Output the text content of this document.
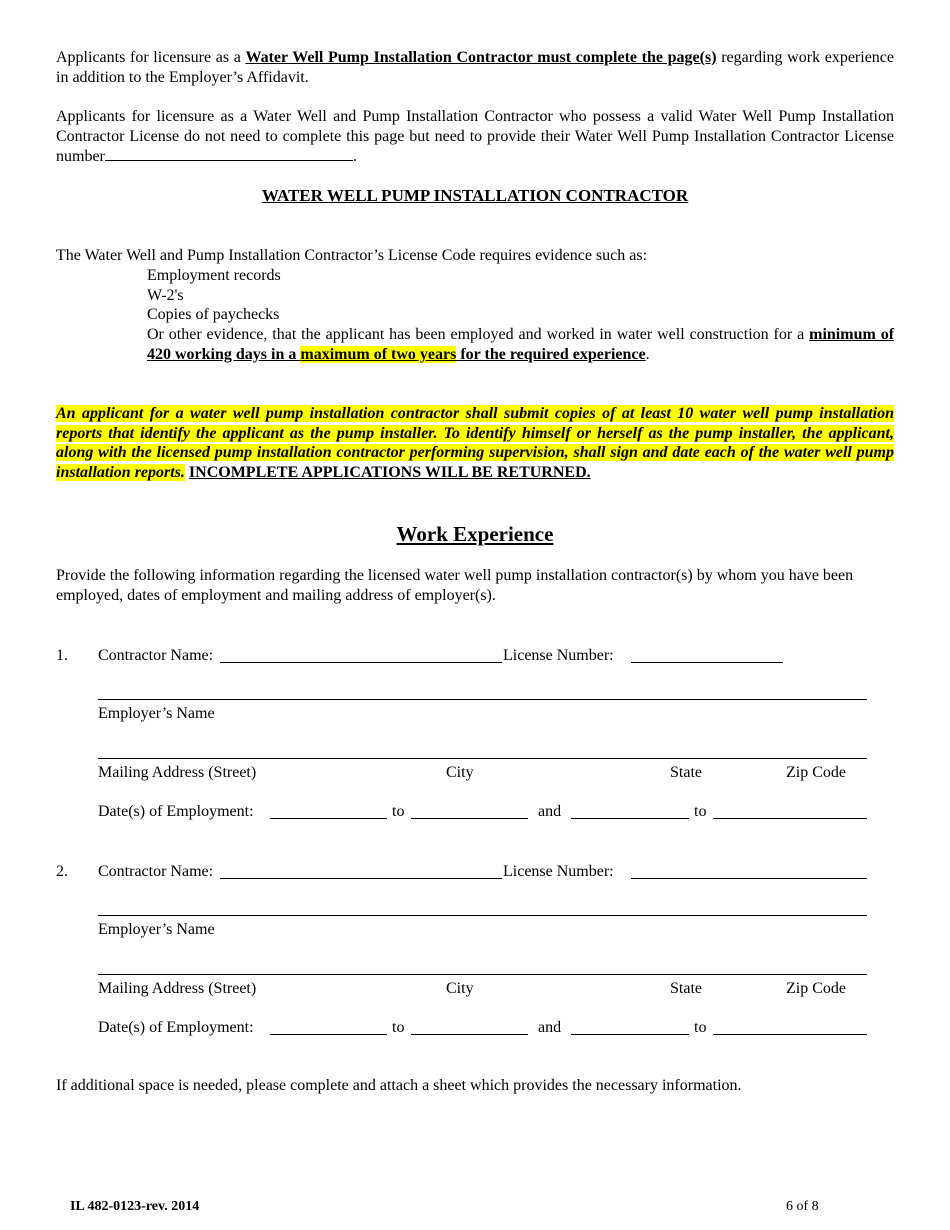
Applicants for licensure as a Water Well Pump Installation Contractor must complete the page(s) regarding work experience in addition to the Employer’s Affidavit.

Applicants for licensure as a Water Well and Pump Installation Contractor who possess a valid Water Well Pump Installation Contractor License do not need to complete this page but need to provide their Water Well Pump Installation Contractor License number	.

WATER WELL PUMP INSTALLATION CONTRACTOR

The Water Well and Pump Installation Contractor’s License Code requires evidence such as:

Employment records

W-2's

Copies of paychecks

Or other evidence, that the applicant has been employed and worked in water well construction for a minimum of 420 working days in a maximum of two years for the required experience.

An applicant for a water well pump installation contractor shall submit copies of at least 10 water well pump installation reports that identify the applicant as the pump installer. To identify himself or herself as the pump installer, the applicant, along with the licensed pump installation contractor performing supervision, shall sign and date each of the water well pump installation reports. INCOMPLETE APPLICATIONS WILL BE RETURNED.

Work Experience

Provide the following information regarding the licensed water well pump installation contractor(s) by whom you have been employed, dates of employment and mailing address of employer(s).

1. Contractor Name:	License Number:
Employer’s Name
Mailing Address (Street)	City	State	Zip Code
Date(s) of Employment:	to	and	to
2. Contractor Name:	License Number:
Employer’s Name
Mailing Address (Street)	City	State	Zip Code
Date(s) of Employment:	to	and	to

If additional space is needed, please complete and attach a sheet which provides the necessary information.

IL 482-0123-rev. 2014	6 of 8
